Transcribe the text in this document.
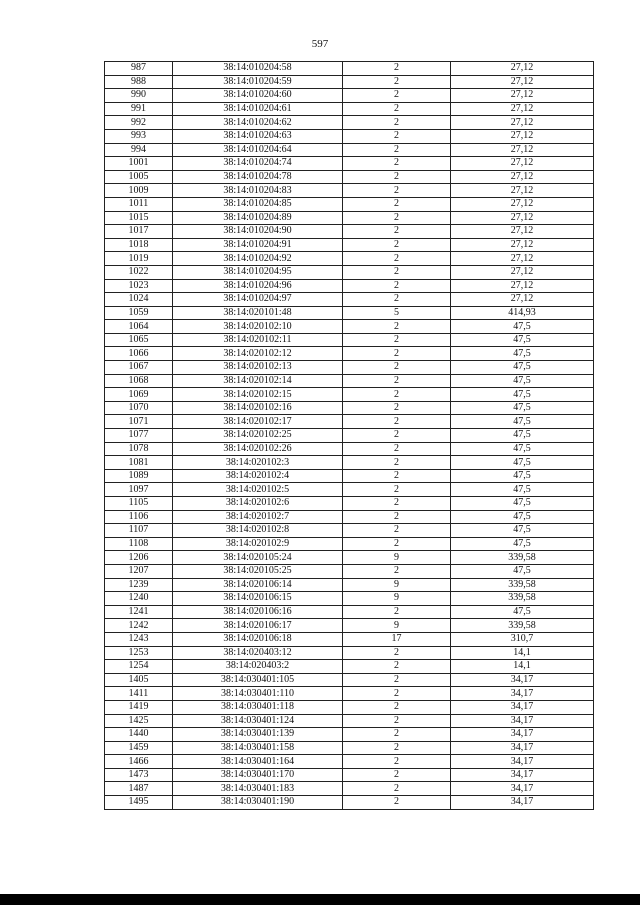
597
987	38:14:010204:58	2	27,12
988	38:14:010204:59	2	27,12
990	38:14:010204:60	2	27,12
991	38:14:010204:61	2	27,12
992	38:14:010204:62	2	27,12
993	38:14:010204:63	2	27,12
994	38:14:010204:64	2	27,12
1001	38:14:010204:74	2	27,12
1005	38:14:010204:78	2	27,12
1009	38:14:010204:83	2	27,12
1011	38:14:010204:85	2	27,12
1015	38:14:010204:89	2	27,12
1017	38:14:010204:90	2	27,12
1018	38:14:010204:91	2	27,12
1019	38:14:010204:92	2	27,12
1022	38:14:010204:95	2	27,12
1023	38:14:010204:96	2	27,12
1024	38:14:010204:97	2	27,12
1059	38:14:020101:48	5	414,93
1064	38:14:020102:10	2	47,5
1065	38:14:020102:11	2	47,5
1066	38:14:020102:12	2	47,5
1067	38:14:020102:13	2	47,5
1068	38:14:020102:14	2	47,5
1069	38:14:020102:15	2	47,5
1070	38:14:020102:16	2	47,5
1071	38:14:020102:17	2	47,5
1077	38:14:020102:25	2	47,5
1078	38:14:020102:26	2	47,5
1081	38:14:020102:3	2	47,5
1089	38:14:020102:4	2	47,5
1097	38:14:020102:5	2	47,5
1105	38:14:020102:6	2	47,5
1106	38:14:020102:7	2	47,5
1107	38:14:020102:8	2	47,5
1108	38:14:020102:9	2	47,5
1206	38:14:020105:24	9	339,58
1207	38:14:020105:25	2	47,5
1239	38:14:020106:14	9	339,58
1240	38:14:020106:15	9	339,58
1241	38:14:020106:16	2	47,5
1242	38:14:020106:17	9	339,58
1243	38:14:020106:18	17	310,7
1253	38:14:020403:12	2	14,1
1254	38:14:020403:2	2	14,1
1405	38:14:030401:105	2	34,17
1411	38:14:030401:110	2	34,17
1419	38:14:030401:118	2	34,17
1425	38:14:030401:124	2	34,17
1440	38:14:030401:139	2	34,17
1459	38:14:030401:158	2	34,17
1466	38:14:030401:164	2	34,17
1473	38:14:030401:170	2	34,17
1487	38:14:030401:183	2	34,17
1495	38:14:030401:190	2	34,17
